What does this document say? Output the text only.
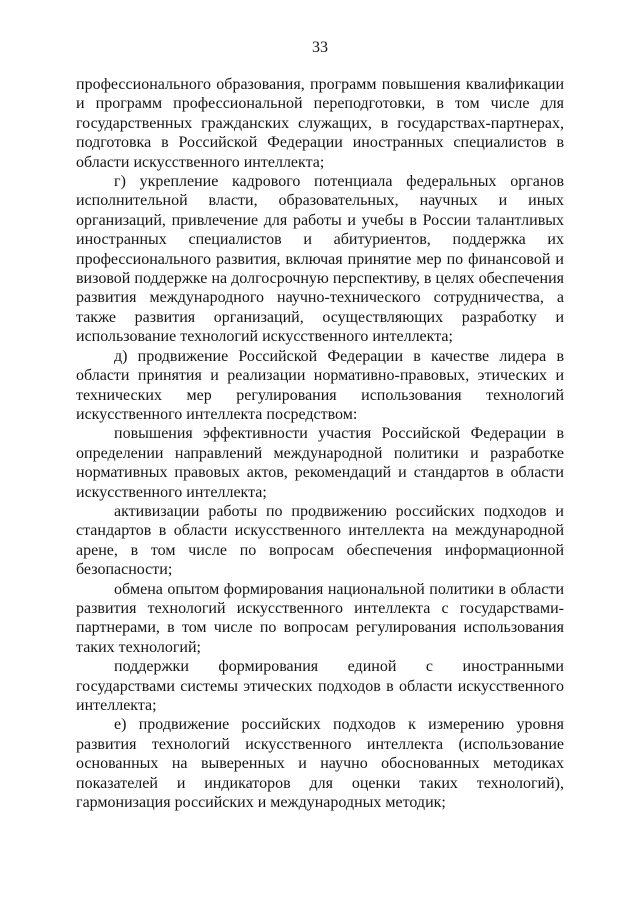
33

профессионального образования, программ повышения квалификации и программ профессиональной переподготовки, в том числе для государственных гражданских служащих, в государствах-партнерах, подготовка в Российской Федерации иностранных специалистов в области искусственного интеллекта;

г) укрепление кадрового потенциала федеральных органов исполнительной власти, образовательных, научных и иных организаций, привлечение для работы и учебы в России талантливых иностранных специалистов и абитуриентов, поддержка их профессионального развития, включая принятие мер по финансовой и визовой поддержке на долгосрочную перспективу, в целях обеспечения развития международного научно-технического сотрудничества, а также развития организаций, осуществляющих разработку и использование технологий искусственного интеллекта;

д) продвижение Российской Федерации в качестве лидера в области принятия и реализации нормативно-правовых, этических и технических мер регулирования использования технологий искусственного интеллекта посредством:

повышения эффективности участия Российской Федерации в определении направлений международной политики и разработке нормативных правовых актов, рекомендаций и стандартов в области искусственного интеллекта;

активизации работы по продвижению российских подходов и стандартов в области искусственного интеллекта на международной арене, в том числе по вопросам обеспечения информационной безопасности;

обмена опытом формирования национальной политики в области развития технологий искусственного интеллекта с государствами-партнерами, в том числе по вопросам регулирования использования таких технологий;

поддержки формирования единой с иностранными государствами системы этических подходов в области искусственного интеллекта;

е) продвижение российских подходов к измерению уровня развития технологий искусственного интеллекта (использование основанных на выверенных и научно обоснованных методиках показателей и индикаторов для оценки таких технологий), гармонизация российских и международных методик;
